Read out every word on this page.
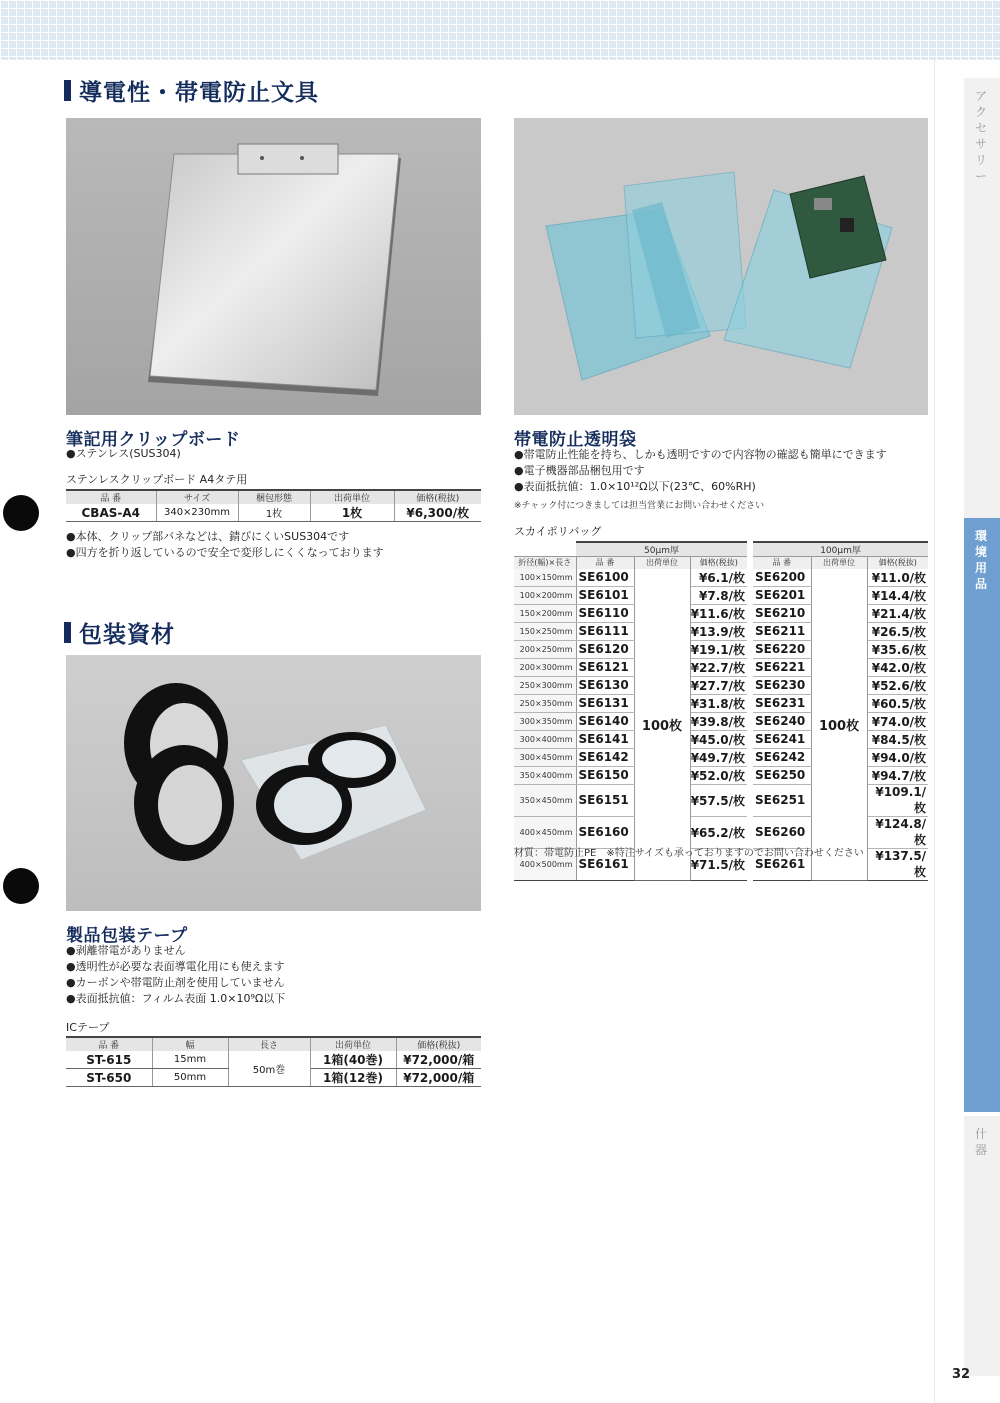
ア
ク
セ
サ
リ
ー
環
境
用
品
什
器
導電性・帯電防止文具
筆記用クリップボード
●ステンレス(SUS304)
ステンレスクリップボード A4タテ用
品 番	サイズ	梱包形態	出荷単位	価格(税抜)
CBAS-A4	340×230mm	1枚	1枚	¥6,300/枚
●本体、クリップ部バネなどは、錆びにくいSUS304です
●四方を折り返しているので安全で変形しにくくなっております
帯電防止透明袋
●帯電防止性能を持ち、しかも透明ですので内容物の確認も簡単にできます
●電子機器部品梱包用です
●表面抵抗値：1.0×10¹²Ω以下(23℃、60%RH)
※チャック付につきましては担当営業にお問い合わせください
スカイポリバッグ
	50μm厚				100μm厚		
折径(幅)×長さ	品 番	出荷単位	価格(税抜)		品 番	出荷単位	価格(税抜)
100×150mm	SE6100	100枚	¥6.1/枚		SE6200	100枚	¥11.0/枚
100×200mm	SE6101		¥7.8/枚		SE6201		¥14.4/枚
150×200mm	SE6110		¥11.6/枚		SE6210		¥21.4/枚
150×250mm	SE6111		¥13.9/枚		SE6211		¥26.5/枚
200×250mm	SE6120		¥19.1/枚		SE6220		¥35.6/枚
200×300mm	SE6121		¥22.7/枚		SE6221		¥42.0/枚
250×300mm	SE6130		¥27.7/枚		SE6230		¥52.6/枚
250×350mm	SE6131		¥31.8/枚		SE6231		¥60.5/枚
300×350mm	SE6140		¥39.8/枚		SE6240		¥74.0/枚
300×400mm	SE6141		¥45.0/枚		SE6241		¥84.5/枚
300×450mm	SE6142		¥49.7/枚		SE6242		¥94.0/枚
350×400mm	SE6150		¥52.0/枚		SE6250		¥94.7/枚
350×450mm	SE6151		¥57.5/枚		SE6251		¥109.1/枚
400×450mm	SE6160		¥65.2/枚		SE6260		¥124.8/枚
400×500mm	SE6161		¥71.5/枚		SE6261		¥137.5/枚
材質：帯電防止PE　※特注サイズも承っておりますのでお問い合わせください
包装資材
製品包装テープ
●剥離帯電がありません
●透明性が必要な表面導電化用にも使えます
●カーボンや帯電防止剤を使用していません
●表面抵抗値：フィルム表面 1.0×10⁹Ω以下
ICテープ
品 番	幅	長さ	出荷単位	価格(税抜)
ST-615	15mm	50m巻	1箱(40巻)	¥72,000/箱
ST-650	50mm		1箱(12巻)	¥72,000/箱
32
